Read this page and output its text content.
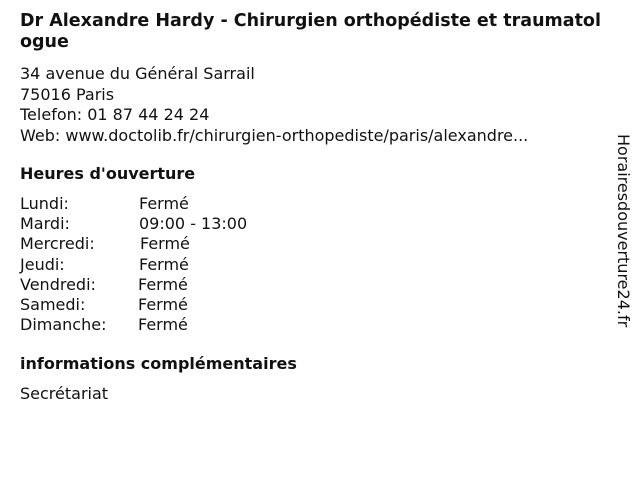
Dr Alexandre Hardy - Chirurgien orthopédiste et traumatologue
34 avenue du Général Sarrail
75016 Paris
Telefon: 01 87 44 24 24
Web: www.doctolib.fr/chirurgien-orthopediste/paris/alexandre...
Heures d'ouverture
Lundi:	Fermé
Mardi:	09:00 - 13:00
Mercredi:	Fermé
Jeudi:	Fermé
Vendredi:	Fermé
Samedi:	Fermé
Dimanche:	Fermé
informations complémentaires
Secrétariat
Horairesdouverture24.fr
